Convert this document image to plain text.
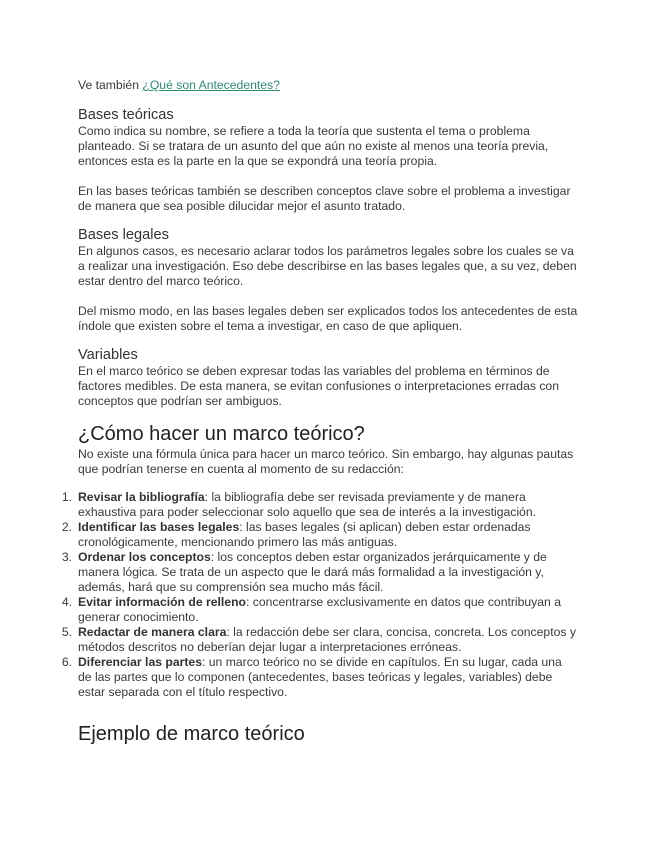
Ve también ¿Qué son Antecedentes?

Bases teóricas

Como indica su nombre, se refiere a toda la teoría que sustenta el tema o problema planteado. Si se tratara de un asunto del que aún no existe al menos una teoría previa, entonces esta es la parte en la que se expondrá una teoría propia.

En las bases teóricas también se describen conceptos clave sobre el problema a investigar de manera que sea posible dilucidar mejor el asunto tratado.

Bases legales

En algunos casos, es necesario aclarar todos los parámetros legales sobre los cuales se va a realizar una investigación. Eso debe describirse en las bases legales que, a su vez, deben estar dentro del marco teórico.

Del mismo modo, en las bases legales deben ser explicados todos los antecedentes de esta índole que existen sobre el tema a investigar, en caso de que apliquen.

Variables

En el marco teórico se deben expresar todas las variables del problema en términos de factores medibles. De esta manera, se evitan confusiones o interpretaciones erradas con conceptos que podrían ser ambiguos.

¿Cómo hacer un marco teórico?

No existe una fórmula única para hacer un marco teórico. Sin embargo, hay algunas pautas que podrían tenerse en cuenta al momento de su redacción:

1. Revisar la bibliografía: la bibliografía debe ser revisada previamente y de manera exhaustiva para poder seleccionar solo aquello que sea de interés a la investigación.
2. Identificar las bases legales: las bases legales (si aplican) deben estar ordenadas cronológicamente, mencionando primero las más antiguas.
3. Ordenar los conceptos: los conceptos deben estar organizados jerárquicamente y de manera lógica. Se trata de un aspecto que le dará más formalidad a la investigación y, además, hará que su comprensión sea mucho más fácil.
4. Evitar información de relleno: concentrarse exclusivamente en datos que contribuyan a generar conocimiento.
5. Redactar de manera clara: la redacción debe ser clara, concisa, concreta. Los conceptos y métodos descritos no deberían dejar lugar a interpretaciones erróneas.
6. Diferenciar las partes: un marco teórico no se divide en capítulos. En su lugar, cada una de las partes que lo componen (antecedentes, bases teóricas y legales, variables) debe estar separada con el título respectivo.
Ejemplo de marco teórico
